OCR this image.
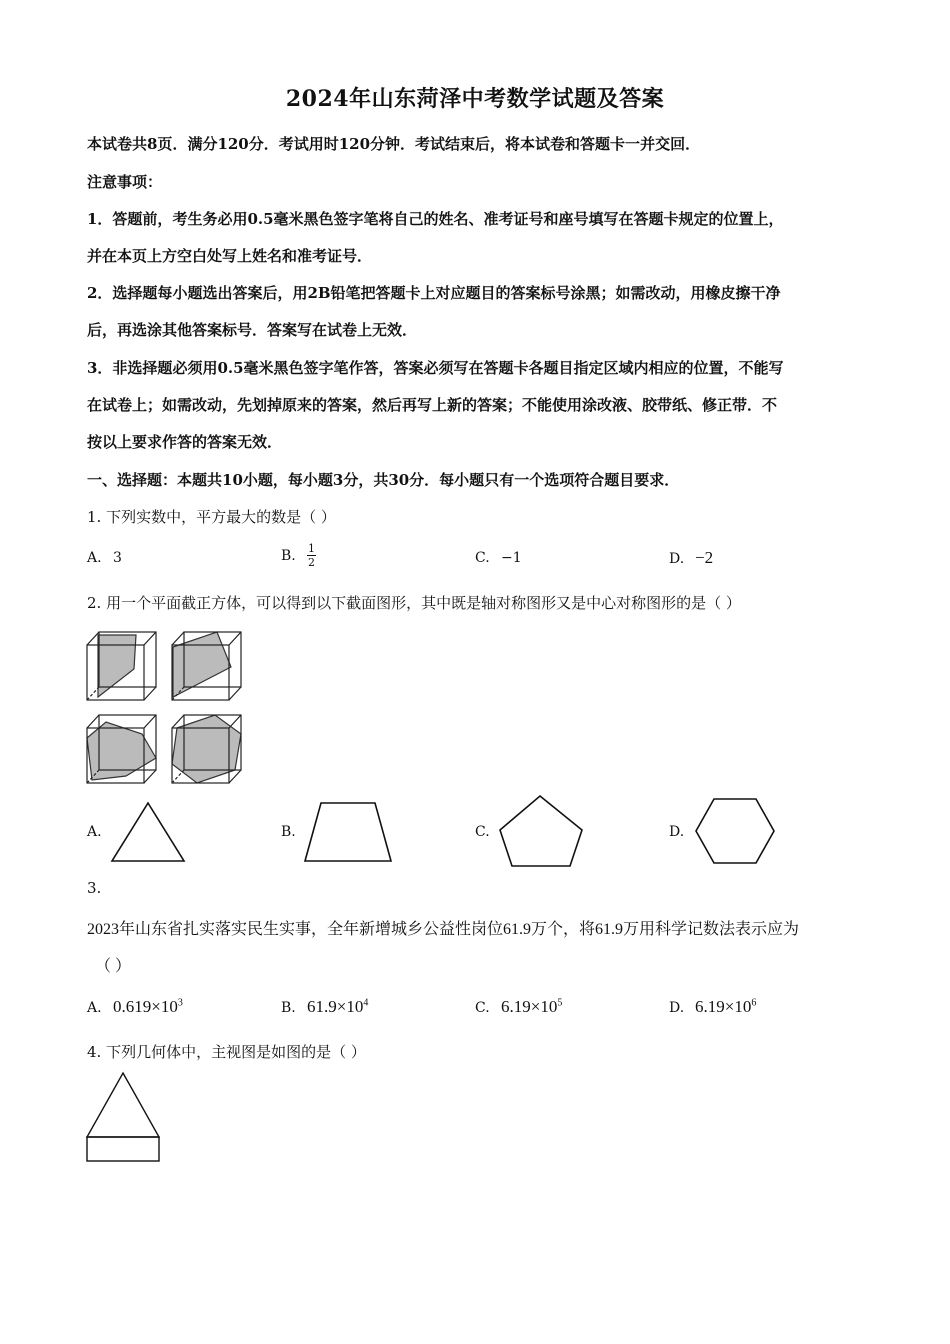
2024年山东菏泽中考数学试题及答案
本试卷共8页．满分120分．考试用时120分钟．考试结束后，将本试卷和答题卡一并交回．
注意事项：
1．答题前，考生务必用0.5毫米黑色签字笔将自己的姓名、准考证号和座号填写在答题卡规定的位置上，
并在本页上方空白处写上姓名和准考证号．
2．选择题每小题选出答案后，用2B铅笔把答题卡上对应题目的答案标号涂黑；如需改动，用橡皮擦干净
后，再选涂其他答案标号．答案写在试卷上无效．
3．非选择题必须用0.5毫米黑色签字笔作答，答案必须写在答题卡各题目指定区域内相应的位置，不能写
在试卷上；如需改动，先划掉原来的答案，然后再写上新的答案；不能使用涂改液、胶带纸、修正带．不
按以上要求作答的答案无效．
一、选择题：本题共10小题，每小题3分，共30分．每小题只有一个选项符合题目要求．
1. 下列实数中，平方最大的数是（ ）
A. 3	B. $\frac{1}{2}$	C. −1	D. −2
2. 用一个平面截正方体，可以得到以下截面图形，其中既是轴对称图形又是中心对称图形的是（ ）
A.	B.	C.	D.
3.
2023年山东省扎实落实民生实事，全年新增城乡公益性岗位61.9万个，将61.9万用科学记数法表示应为
（ ）
A. $0.619\times 10^3$	B. $61.9\times 10^4$	C. $6.19\times 10^5$	D. $6.19\times 10^6$
4. 下列几何体中，主视图是如图的是（ ）
